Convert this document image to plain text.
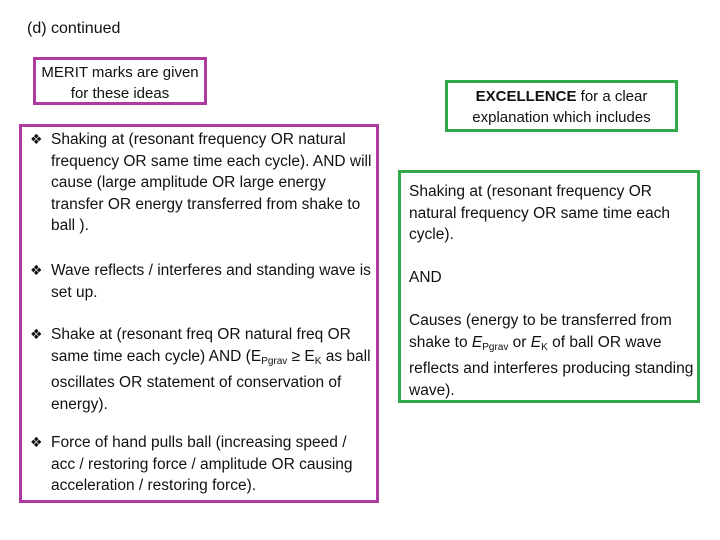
(d) continued
MERIT marks are given for these ideas
❖ Shaking at (resonant frequency OR natural frequency OR same time each cycle). AND will cause (large amplitude OR large energy transfer OR energy transferred from shake to ball ).
❖ Wave reflects / interferes and standing wave is set up.
❖ Shake at (resonant freq OR natural freq OR same time each cycle) AND ($E_{Pgrav} \ge E_K$ as ball oscillates OR statement of conservation of energy).
❖ Force of hand pulls ball (increasing speed / acc / restoring force / amplitude OR causing acceleration / restoring force).
EXCELLENCE for a clear explanation which includes
Shaking at (resonant frequency OR natural frequency OR same time each cycle).
AND
Causes (energy to be transferred from shake to $E_{Pgrav}$ or $E_K$ of ball OR wave reflects and interferes producing standing wave).
